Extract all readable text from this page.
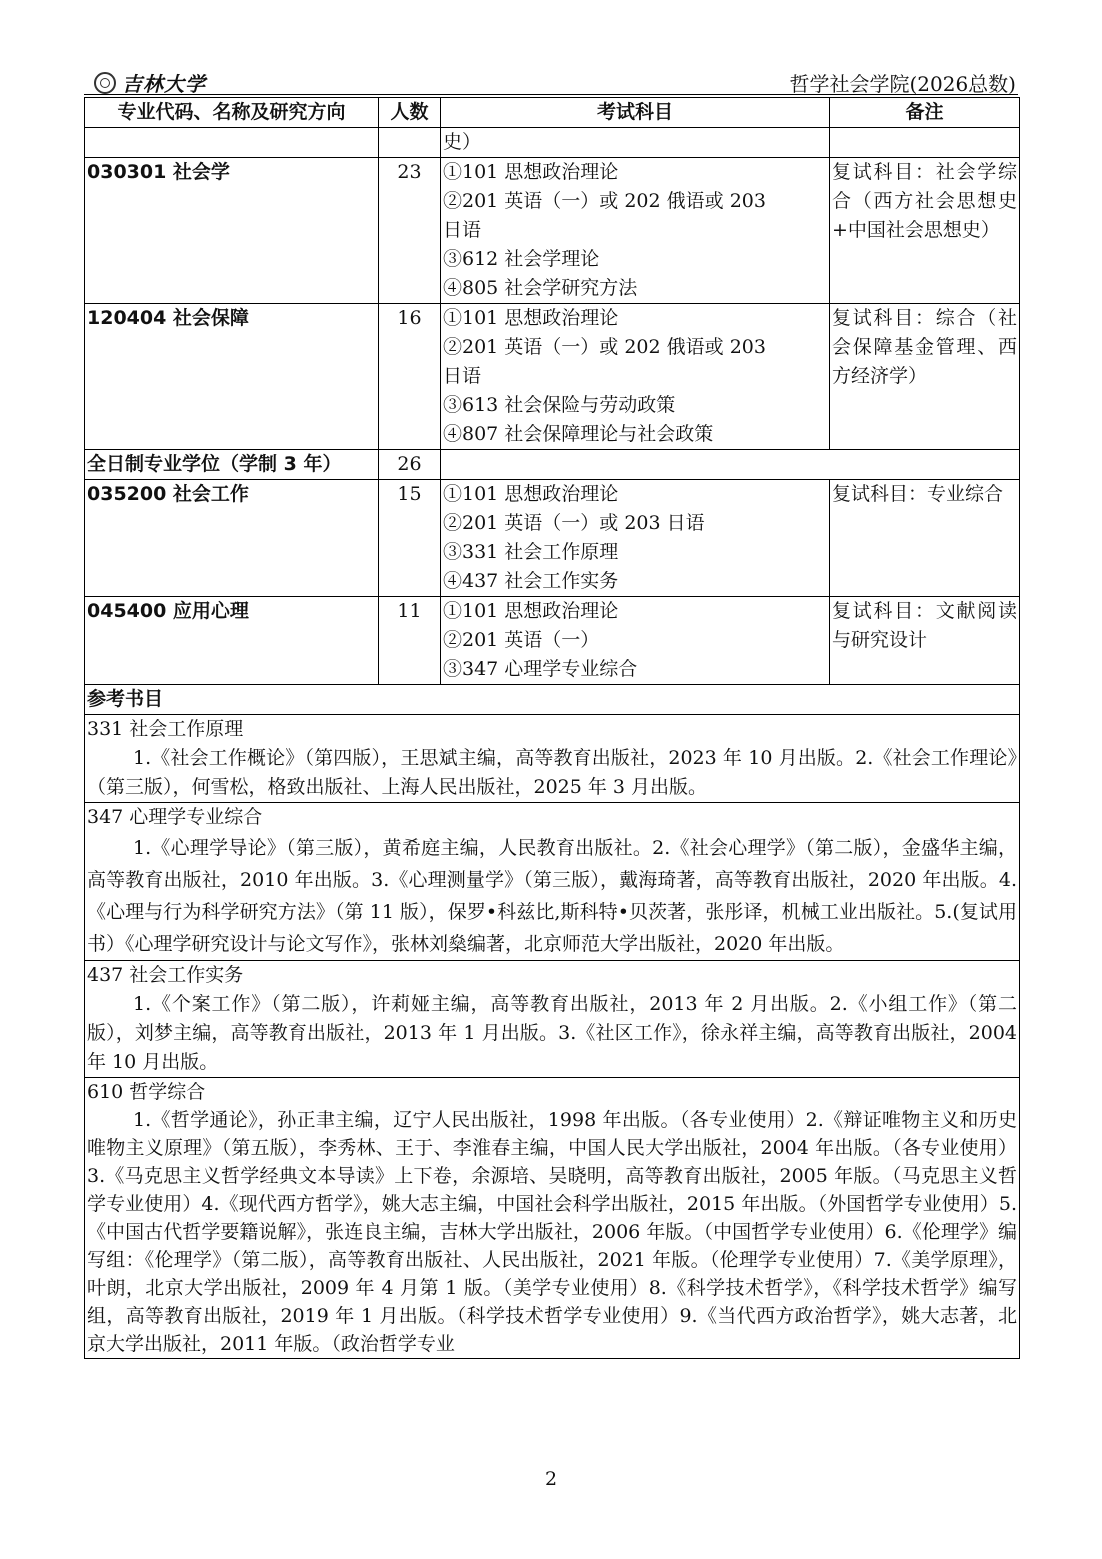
吉林大学	哲学社会学院(2026总数)
专业代码、名称及研究方向	人数	考试科目	备注
		史）	
030301 社会学	23	①101 思想政治理论
②201 英语（一）或 202 俄语或 203
日语
③612 社会学理论
④805 社会学研究方法	复试科目：社会学综合（西方社会思想史+中国社会思想史）
120404 社会保障	16	①101 思想政治理论
②201 英语（一）或 202 俄语或 203
日语
③613 社会保险与劳动政策
④807 社会保障理论与社会政策	复试科目：综合（社会保障基金管理、西方经济学）
全日制专业学位（学制 3 年）	26		
035200 社会工作	15	①101 思想政治理论
②201 英语（一）或 203 日语
③331 社会工作原理
④437 社会工作实务	复试科目：专业综合
045400 应用心理	11	①101 思想政治理论
②201 英语（一）
③347 心理学专业综合	复试科目：文献阅读与研究设计
参考书目			

331 社会工作原理
1.《社会工作概论》（第四版），王思斌主编，高等教育出版社，2023 年 10 月出版。2.《社会工作理论》（第三版），何雪松，格致出版社、上海人民出版社，2025 年 3 月出版。			

347 心理学专业综合
1.《心理学导论》（第三版），黄希庭主编，人民教育出版社。2.《社会心理学》（第二版），金盛华主编，高等教育出版社，2010 年出版。3.《心理测量学》（第三版），戴海琦著，高等教育出版社，2020 年出版。4.《心理与行为科学研究方法》（第 11 版），保罗•科兹比,斯科特•贝茨著，张彤译，机械工业出版社。5.(复试用书）《心理学研究设计与论文写作》，张林刘燊编著，北京师范大学出版社，2020 年出版。			

437 社会工作实务
1.《个案工作》（第二版），许莉娅主编，高等教育出版社，2013 年 2 月出版。2.《小组工作》（第二版），刘梦主编，高等教育出版社，2013 年 1 月出版。3.《社区工作》，徐永祥主编，高等教育出版社，2004 年 10 月出版。			

610 哲学综合
1.《哲学通论》，孙正聿主编，辽宁人民出版社，1998 年出版。（各专业使用）2.《辩证唯物主义和历史唯物主义原理》（第五版），李秀林、王于、李淮春主编，中国人民大学出版社，2004 年出版。（各专业使用）3.《马克思主义哲学经典文本导读》上下卷，余源培、吴晓明，高等教育出版社，2005 年版。（马克思主义哲学专业使用）4.《现代西方哲学》，姚大志主编，中国社会科学出版社，2015 年出版。（外国哲学专业使用）5.《中国古代哲学要籍说解》，张连良主编，吉林大学出版社，2006 年版。（中国哲学专业使用）6.《伦理学》编写组：《伦理学》（第二版），高等教育出版社、人民出版社，2021 年版。（伦理学专业使用）7.《美学原理》，叶朗，北京大学出版社，2009 年 4 月第 1 版。（美学专业使用）8.《科学技术哲学》，《科学技术哲学》编写组，高等教育出版社，2019 年 1 月出版。（科学技术哲学专业使用）9.《当代西方政治哲学》，姚大志著，北京大学出版社，2011 年版。（政治哲学专业			
2
